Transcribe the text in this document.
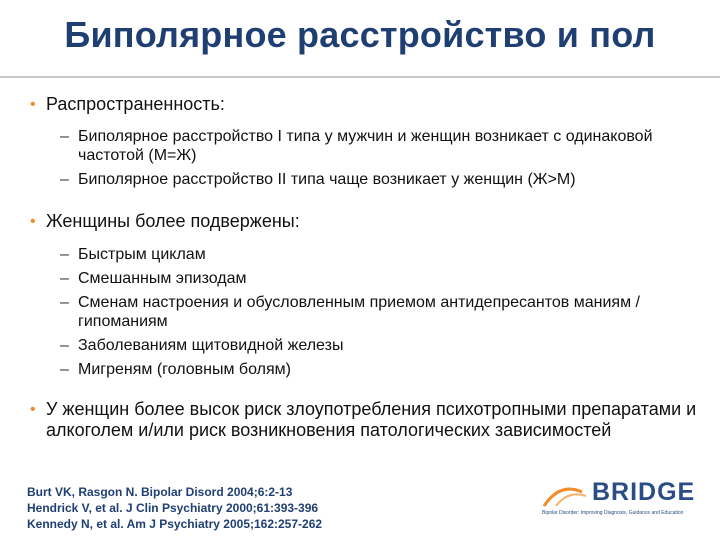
Биполярное расстройство и пол
• Распространенность:
– Биполярное расстройство I типа у мужчин и женщин возникает с одинаковой частотой (М=Ж)
– Биполярное расстройство II типа чаще возникает у женщин (Ж>М)
• Женщины более подвержены:
– Быстрым циклам
– Смешанным эпизодам
– Сменам настроения и обусловленным приемом антидепресантов маниям / гипоманиям
– Заболеваниям щитовидной железы
– Мигреням (головным болям)
• У женщин более высок риск злоупотребления психотропными препаратами и алкоголем и/или риск возникновения патологических зависимостей
Burt VK, Rasgon N. Bipolar Disord 2004;6:2-13
Hendrick V, et al. J Clin Psychiatry 2000;61:393-396
Kennedy N, et al. Am J Psychiatry 2005;162:257-262
BRIDGE
Bipolar Disorder: Improving Diagnosis, Guidance and Education
